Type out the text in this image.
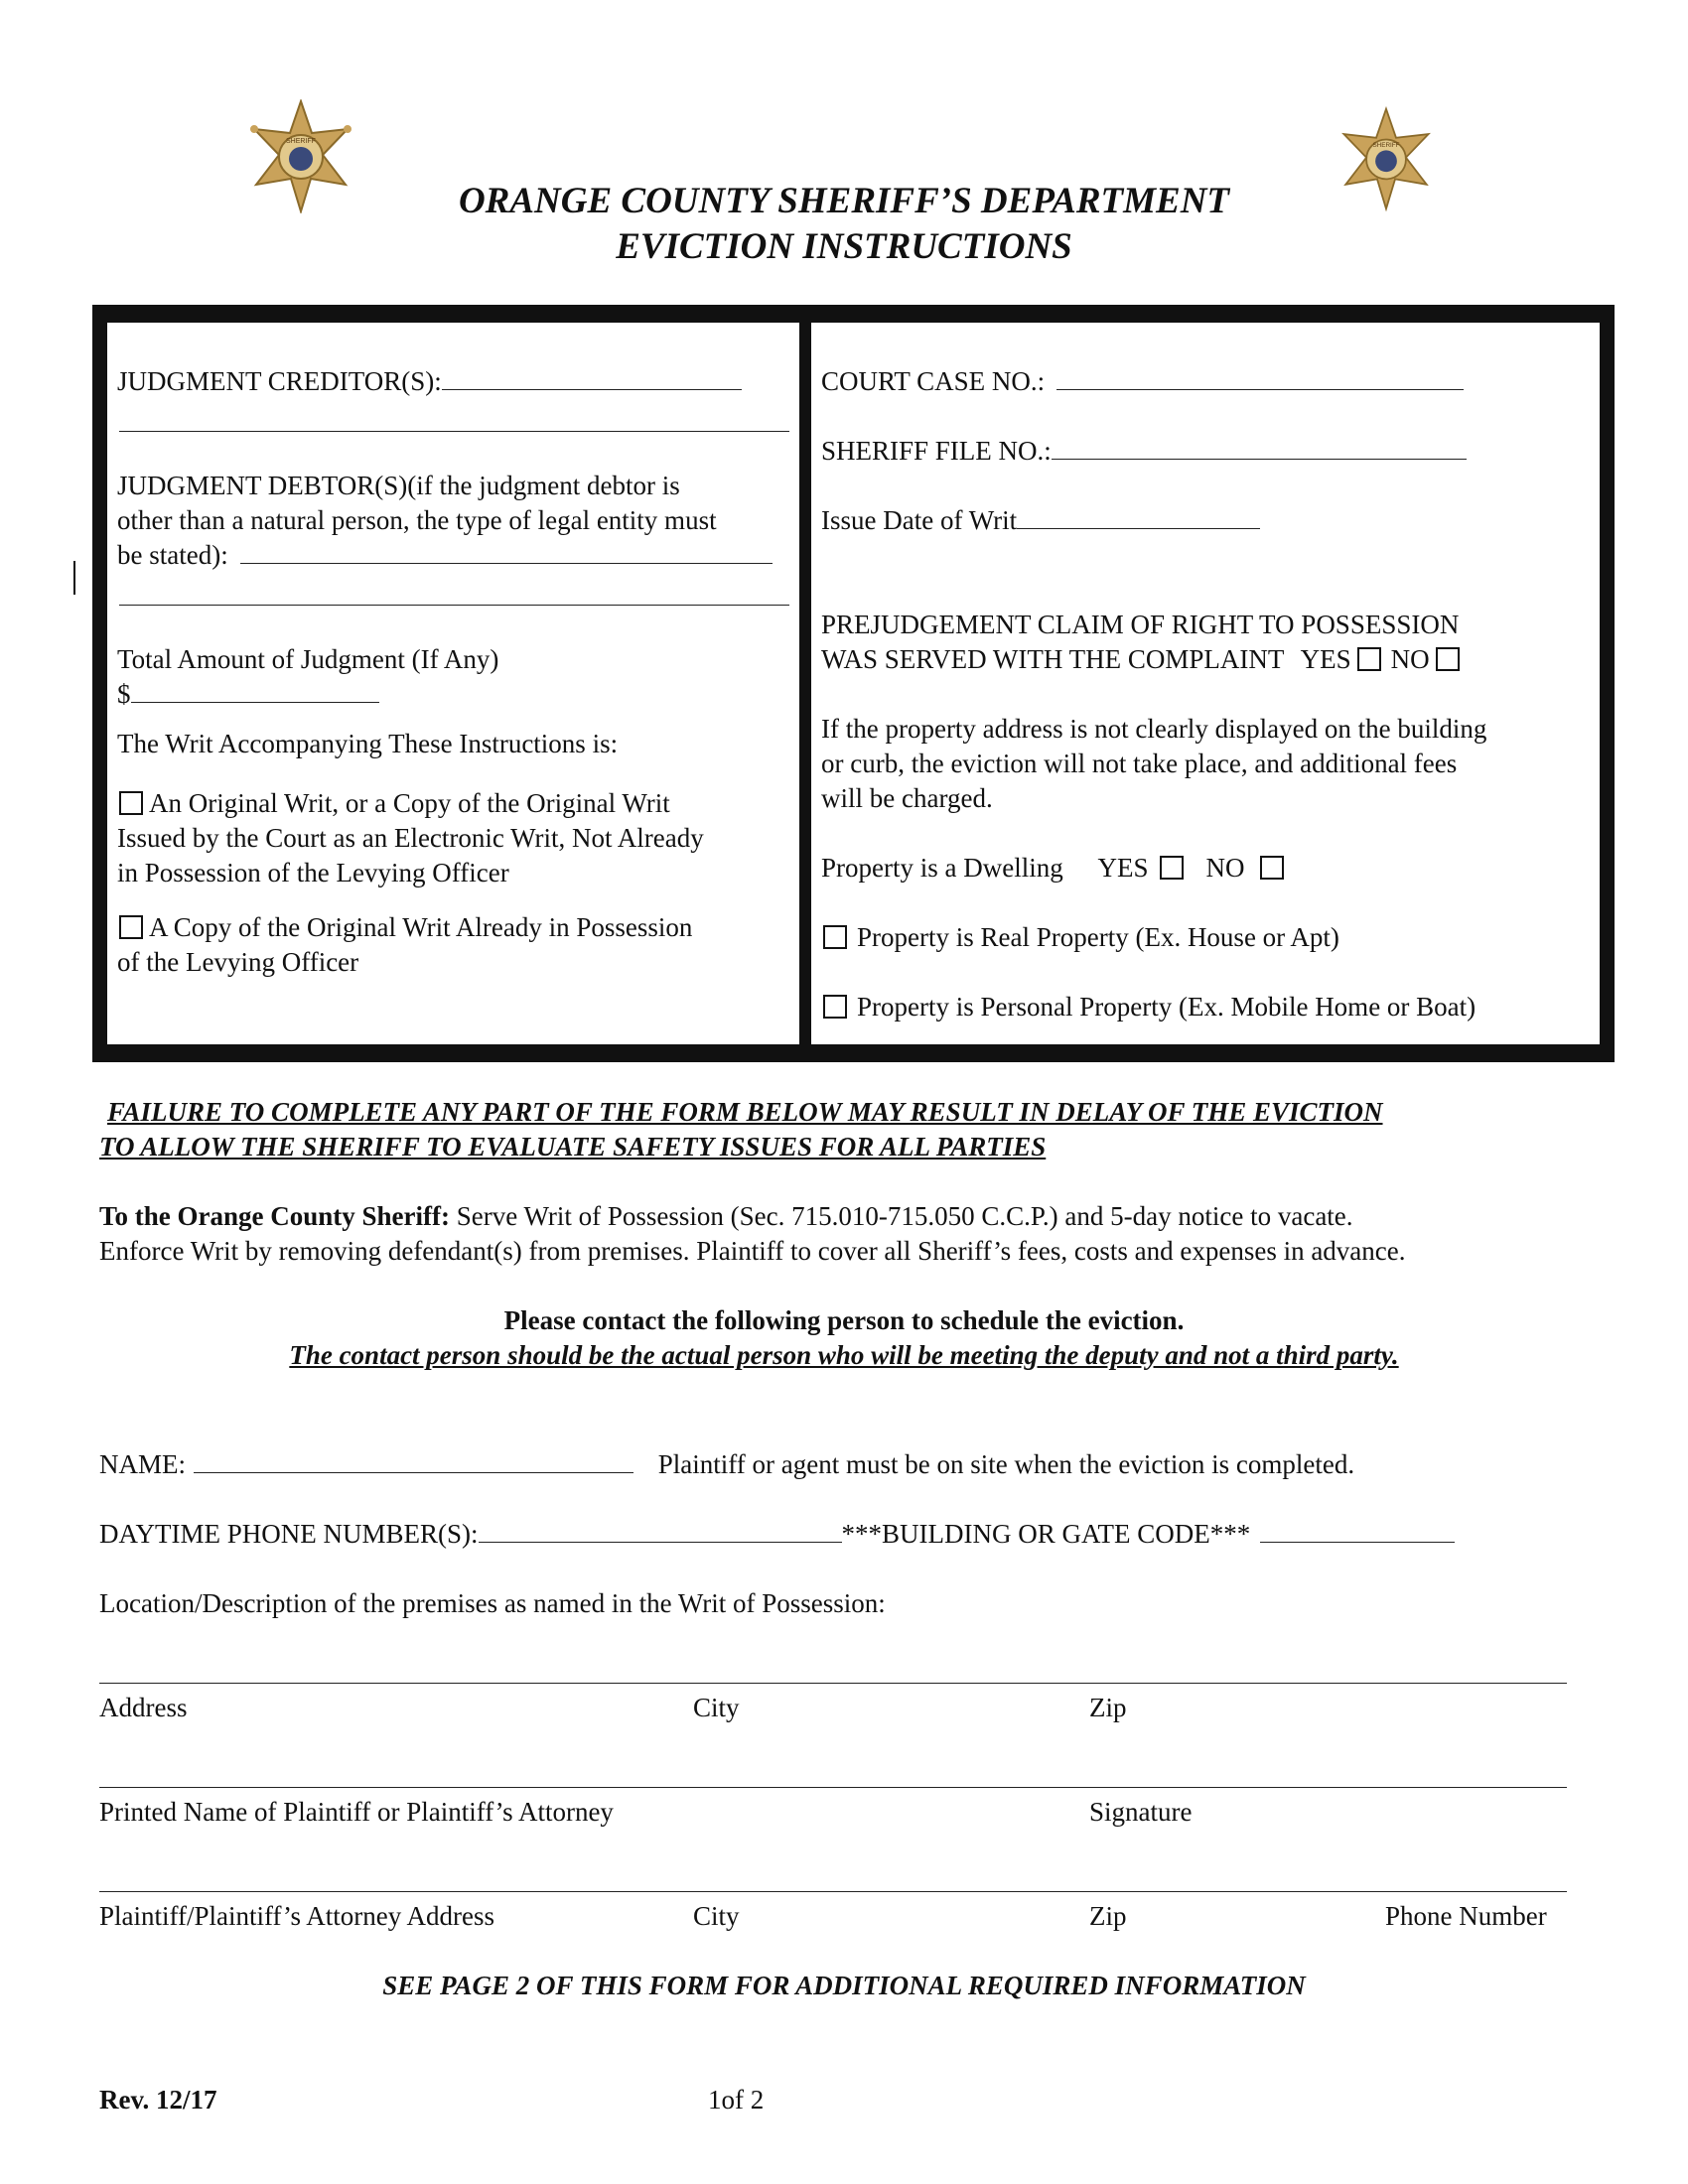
SHERIFF
SHERIFF
ORANGE COUNTY SHERIFF’S DEPARTMENT
EVICTION INSTRUCTIONS
JUDGMENT CREDITOR(S):
JUDGMENT DEBTOR(S)(if the judgment debtor is
other than a natural person, the type of legal entity must
be stated):
Total Amount of Judgment (If Any)
$
The Writ Accompanying These Instructions is:
An Original Writ, or a Copy of the Original Writ
Issued by the Court as an Electronic Writ, Not Already
in Possession of the Levying Officer
A Copy of the Original Writ Already in Possession
of the Levying Officer
COURT CASE NO.:
SHERIFF FILE NO.:
Issue Date of Writ
PREJUDGEMENT CLAIM OF RIGHT TO POSSESSION
WAS SERVED WITH THE COMPLAINT YES NO
If the property address is not clearly displayed on the building
or curb, the eviction will not take place, and additional fees
will be charged.
Property is a Dwelling YES NO
Property is Real Property (Ex. House or Apt)
Property is Personal Property (Ex. Mobile Home or Boat)
FAILURE TO COMPLETE ANY PART OF THE FORM BELOW MAY RESULT IN DELAY OF THE EVICTION
TO ALLOW THE SHERIFF TO EVALUATE SAFETY ISSUES FOR ALL PARTIES
To the Orange County Sheriff: Serve Writ of Possession (Sec. 715.010-715.050 C.C.P.) and 5-day notice to vacate.
Enforce Writ by removing defendant(s) from premises. Plaintiff to cover all Sheriff’s fees, costs and expenses in advance.
Please contact the following person to schedule the eviction.
The contact person should be the actual person who will be meeting the deputy and not a third party.
NAME:	Plaintiff or agent must be on site when the eviction is completed.
DAYTIME PHONE NUMBER(S):	***BUILDING OR GATE CODE***
Location/Description of the premises as named in the Writ of Possession:
Address	City	Zip
Printed Name of Plaintiff or Plaintiff’s Attorney	Signature
Plaintiff/Plaintiff’s Attorney Address	City	Zip	Phone Number
SEE PAGE 2 OF THIS FORM FOR ADDITIONAL REQUIRED INFORMATION
Rev. 12/17	1of 2
